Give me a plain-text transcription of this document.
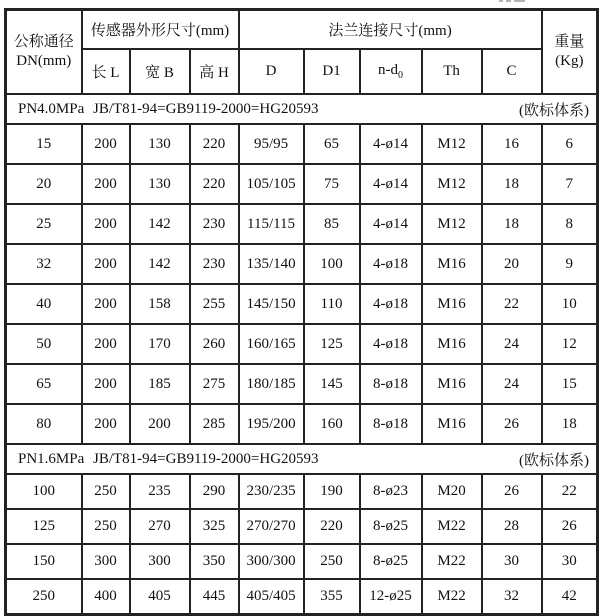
公称通径
DN(mm)
	传感器外形尺寸(mm)	法兰连接尺寸(mm)	
重量
(Kg)

	长 L	宽 B	高 H	D	D1	$n-d_0$	Th	C	

PN4.0MPa JB/T81-94=GB9119-2000=HG20593 (欧标体系)									

15	200	130	220	95/95	65	4-ø14	M12	16	6
20	200	130	220	105/105	75	4-ø14	M12	18	7
25	200	142	230	115/115	85	4-ø14	M12	18	8
32	200	142	230	135/140	100	4-ø18	M16	20	9
40	200	158	255	145/150	110	4-ø18	M16	22	10
50	200	170	260	160/165	125	4-ø18	M16	24	12
65	200	185	275	180/185	145	8-ø18	M16	24	15
80	200	200	285	195/200	160	8-ø18	M16	26	18

PN1.6MPa JB/T81-94=GB9119-2000=HG20593 (欧标体系)									

100	250	235	290	230/235	190	8-ø23	M20	26	22
125	250	270	325	270/270	220	8-ø25	M22	28	26
150	300	300	350	300/300	250	8-ø25	M22	30	30
250	400	405	445	405/405	355	12-ø25	M22	32	42
